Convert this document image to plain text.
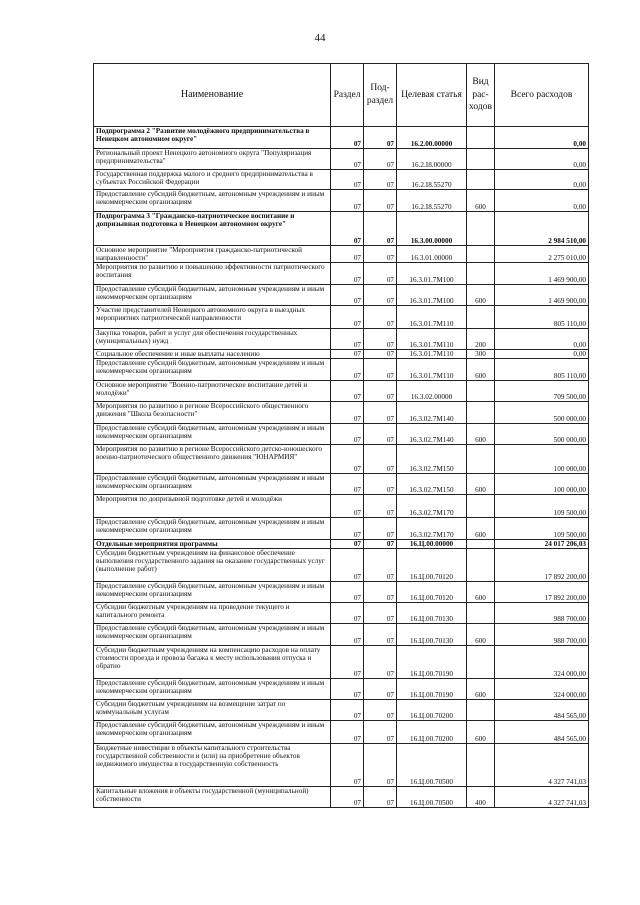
44
Наименование	Раздел	Под-раздел	Целевая статья	Вид рас-ходов	Всего расходов
Подпрограмма 2 "Развитие молодёжного предпринимательства в Ненецком автономном округе"	07	07	16.2.00.00000		0,00
Региональный проект Ненецкого автономного округа "Популяризация предпринимательства"	07	07	16.2.I8.00000		0,00
Государственная поддержка малого и среднего предпринимательства в субъектах Российской Федерации	07	07	16.2.I8.55270		0,00
Предоставление субсидий бюджетным, автономным учреждениям и иным некоммерческим организациям	07	07	16.2.I8.55270	600	0,00
Подпрограмма 3 "Гражданско-патриотическое воспитание и допризывная подготовка в Ненецком автономном округе"	07	07	16.3.00.00000		2 984 510,00
Основное мероприятие "Мероприятия гражданско-патриотической направленности"	07	07	16.3.01.00000		2 275 010,00
Мероприятия по развитию и повышению эффективности патриотического воспитания	07	07	16.3.01.7М100		1 469 900,00
Предоставление субсидий бюджетным, автономным учреждениям и иным некоммерческим организациям	07	07	16.3.01.7М100	600	1 469 900,00
Участие представителей Ненецкого автономного округа в выездных мероприятиях патриотической направленности	07	07	16.3.01.7М110		805 110,00
Закупка товаров, работ и услуг для обеспечения государственных (муниципальных) нужд	07	07	16.3.01.7М110	200	0,00
Социальное обеспечение и иные выплаты населению	07	07	16.3.01.7М110	300	0,00
Предоставление субсидий бюджетным, автономным учреждениям и иным некоммерческим организациям	07	07	16.3.01.7М110	600	805 110,00
Основное мероприятие "Военно-патриотическое воспитание детей и молодёжи"	07	07	16.3.02.00000		709 500,00
Мероприятия по развитию в регионе Всероссийского общественного движения "Школа безопасности"	07	07	16.3.02.7М140		500 000,00
Предоставление субсидий бюджетным, автономным учреждениям и иным некоммерческим организациям	07	07	16.3.02.7М140	600	500 000,00
Мероприятия по развитию в регионе Всероссийского детско-юношеского военно-патриотического общественного движения "ЮНАРМИЯ"	07	07	16.3.02.7М150		100 000,00
Предоставление субсидий бюджетным, автономным учреждениям и иным некоммерческим организациям	07	07	16.3.02.7М150	600	100 000,00
Мероприятия по допризывной подготовке детей и молодёжи	07	07	16.3.02.7М170		109 500,00
Предоставление субсидий бюджетным, автономным учреждениям и иным некоммерческим организациям	07	07	16.3.02.7М170	600	109 500,00
Отдельные мероприятия программы	07	07	16.Ц.00.00000		24 017 206,03
Субсидии бюджетным учреждениям на финансовое обеспечение выполнения государственного задания на оказание государственных услуг (выполнение работ)	07	07	16.Ц.00.70120		17 892 200,00
Предоставление субсидий бюджетным, автономным учреждениям и иным некоммерческим организациям	07	07	16.Ц.00.70120	600	17 892 200,00
Субсидии бюджетным учреждениям на проведение текущего и капитального ремонта	07	07	16.Ц.00.70130		988 700,00
Предоставление субсидий бюджетным, автономным учреждениям и иным некоммерческим организациям	07	07	16.Ц.00.70130	600	988 700,00
Субсидии бюджетным учреждениям на компенсацию расходов на оплату стоимости проезда и провоза багажа к месту использования отпуска и обратно	07	07	16.Ц.00.70190		324 000,00
Предоставление субсидий бюджетным, автономным учреждениям и иным некоммерческим организациям	07	07	16.Ц.00.70190	600	324 000,00
Субсидии бюджетным учреждениям на возмещение затрат по коммунальным услугам	07	07	16.Ц.00.70200		484 565,00
Предоставление субсидий бюджетным, автономным учреждениям и иным некоммерческим организациям	07	07	16.Ц.00.70200	600	484 565,00
Бюджетные инвестиции в объекты капитального строительства государственной собственности и (или) на приобретение объектов недвижимого имущества в государственную собственность	07	07	16.Ц.00.70500		4 327 741,03
Капитальные вложения в объекты государственной (муниципальной) собственности	07	07	16.Ц.00.70500	400	4 327 741,03
